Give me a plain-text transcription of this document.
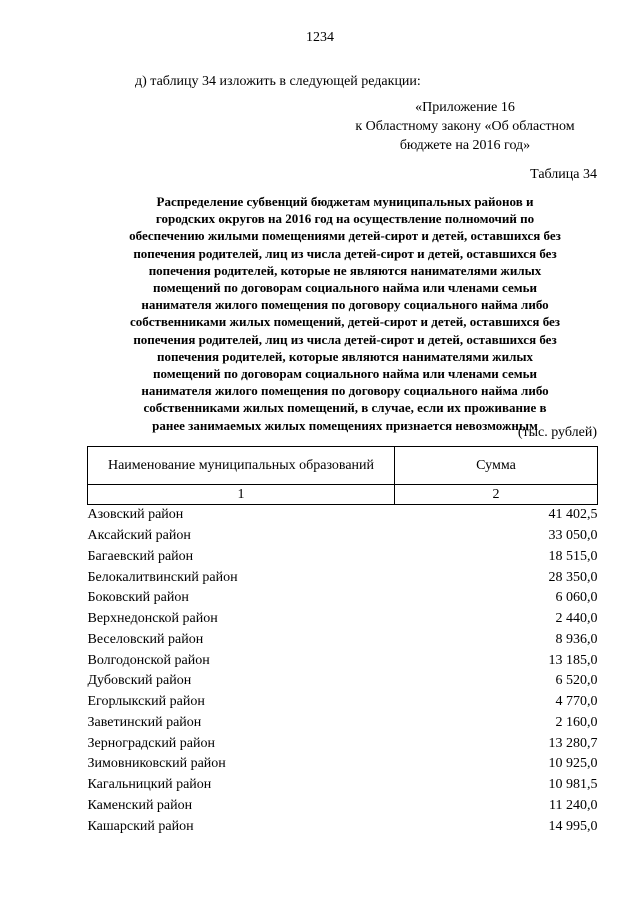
1234
д) таблицу 34 изложить в следующей редакции:
«Приложение 16
к Областному закону «Об областном
бюджете на 2016 год»
Таблица 34
Распределение субвенций бюджетам муниципальных районов и
городских округов на 2016 год на осуществление полномочий по
обеспечению жилыми помещениями детей-сирот и детей, оставшихся без
попечения родителей, лиц из числа детей-сирот и детей, оставшихся без
попечения родителей, которые не являются нанимателями жилых
помещений по договорам социального найма или членами семьи
нанимателя жилого помещения по договору социального найма либо
собственниками жилых помещений, детей-сирот и детей, оставшихся без
попечения родителей, лиц из числа детей-сирот и детей, оставшихся без
попечения родителей, которые являются нанимателями жилых
помещений по договорам социального найма или членами семьи
нанимателя жилого помещения по договору социального найма либо
собственниками жилых помещений, в случае, если их проживание в
ранее занимаемых жилых помещениях признается невозможным
(тыс. рублей)
Наименование муниципальных образований	Сумма
1	2
Азовский район	41 402,5
Аксайский район	33 050,0
Багаевский район	18 515,0
Белокалитвинский район	28 350,0
Боковский район	6 060,0
Верхнедонской район	2 440,0
Веселовский район	8 936,0
Волгодонской район	13 185,0
Дубовский район	6 520,0
Егорлыкский район	4 770,0
Заветинский район	2 160,0
Зерноградский район	13 280,7
Зимовниковский район	10 925,0
Кагальницкий район	10 981,5
Каменский район	11 240,0
Кашарский район	14 995,0
